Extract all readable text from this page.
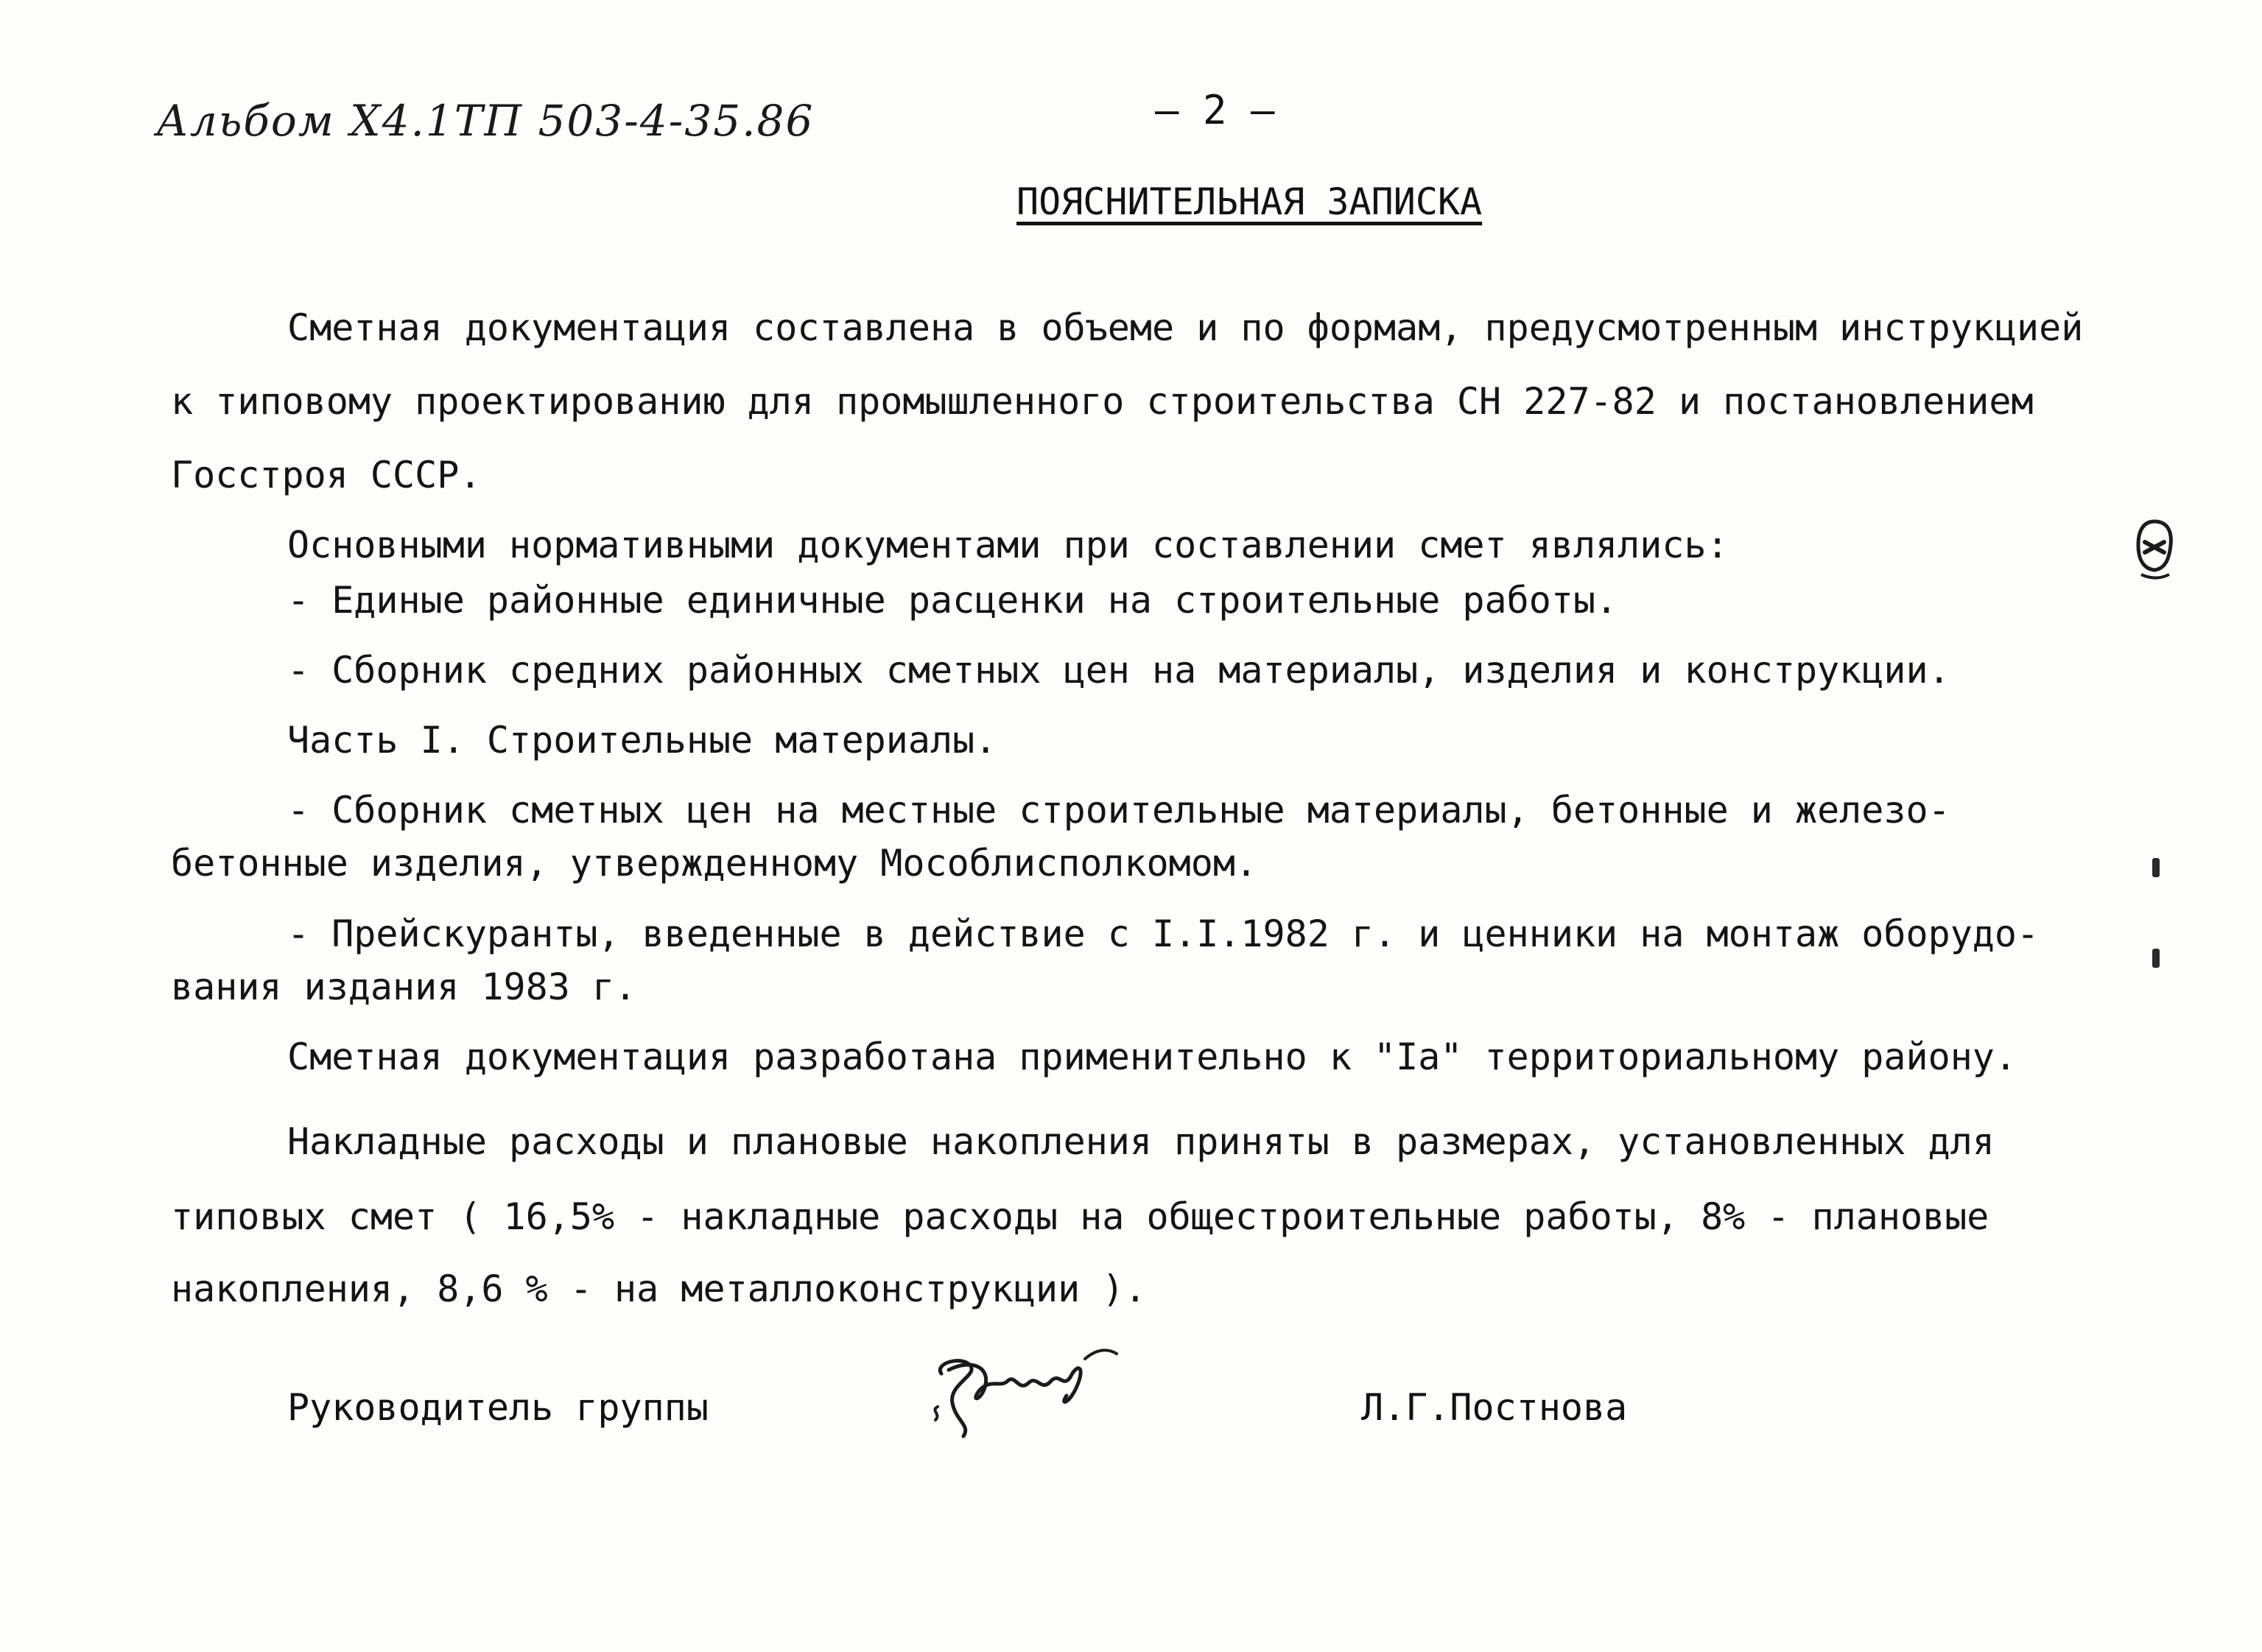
Альбом Х4.1ТП 503-4-35.86	— 2 —
ПОЯСНИТЕЛЬНАЯ ЗАПИСКА
Сметная документация составлена в объеме и по формам, предусмотренным инструкцией
к типовому проектированию для промышленного строительства СН 227-82 и постановлением
Госстроя СССР.
Основными нормативными документами при составлении смет являлись:
- Единые районные единичные расценки на строительные работы.
- Сборник средних районных сметных цен на материалы, изделия и конструкции.
Часть I. Строительные материалы.
- Сборник сметных цен на местные строительные материалы, бетонные и железо-
бетонные изделия, утвержденному Мособлисполкомом.
- Прейскуранты, введенные в действие с I.I.1982 г. и ценники на монтаж оборудо-
вания издания 1983 г.
Сметная документация разработана применительно к "Iа" территориальному району.
Накладные расходы и плановые накопления приняты в размерах, установленных для
типовых смет ( 16,5% - накладные расходы на общестроительные работы, 8% - плановые
накопления, 8,6 % - на металлоконструкции ).
Руководитель группы	Л.Г.Постнова
